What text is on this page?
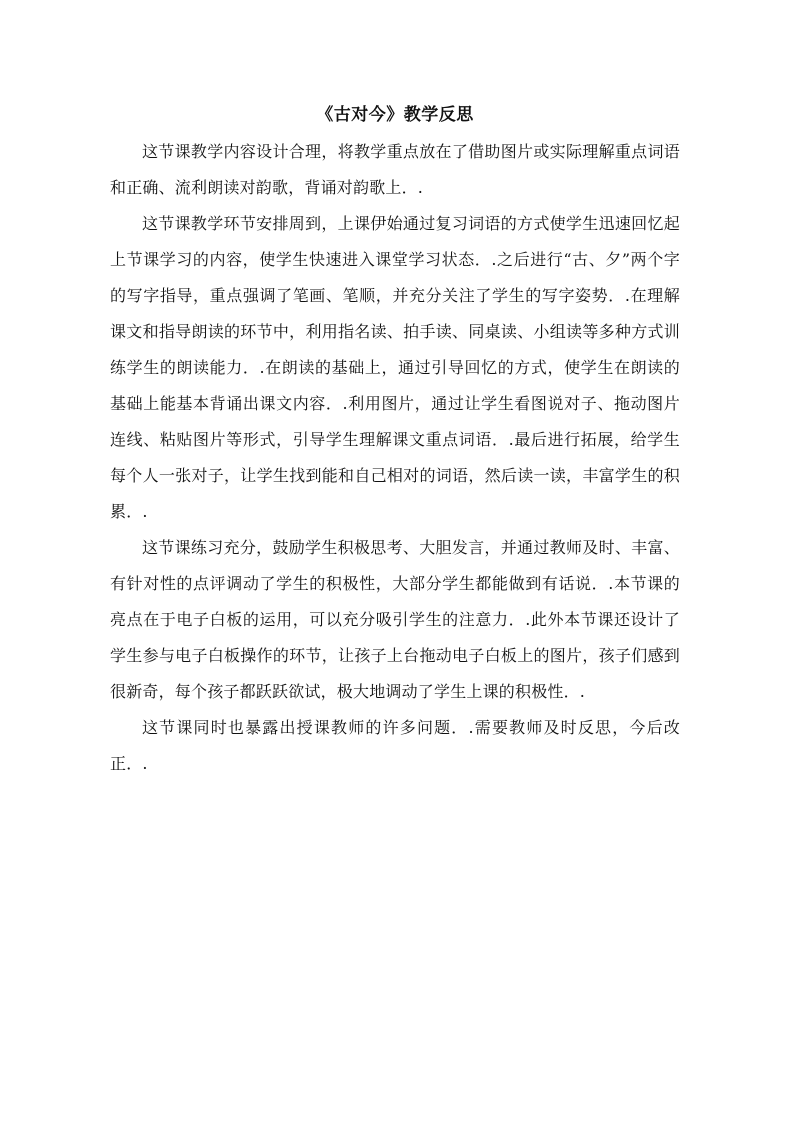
《古对今》教学反思

这节课教学内容设计合理，将教学重点放在了借助图片或实际理解重点词语和正确、流利朗读对韵歌，背诵对韵歌上．.

这节课教学环节安排周到，上课伊始通过复习词语的方式使学生迅速回忆起上节课学习的内容，使学生快速进入课堂学习状态．.之后进行“古、夕”两个字的写字指导，重点强调了笔画、笔顺，并充分关注了学生的写字姿势．.在理解课文和指导朗读的环节中，利用指名读、拍手读、同桌读、小组读等多种方式训练学生的朗读能力．.在朗读的基础上，通过引导回忆的方式，使学生在朗读的基础上能基本背诵出课文内容．.利用图片，通过让学生看图说对子、拖动图片连线、粘贴图片等形式，引导学生理解课文重点词语．.最后进行拓展，给学生每个人一张对子，让学生找到能和自己相对的词语，然后读一读，丰富学生的积累．.

这节课练习充分，鼓励学生积极思考、大胆发言，并通过教师及时、丰富、有针对性的点评调动了学生的积极性，大部分学生都能做到有话说．.本节课的亮点在于电子白板的运用，可以充分吸引学生的注意力．.此外本节课还设计了学生参与电子白板操作的环节，让孩子上台拖动电子白板上的图片，孩子们感到很新奇，每个孩子都跃跃欲试，极大地调动了学生上课的积极性．.

这节课同时也暴露出授课教师的许多问题．.需要教师及时反思，今后改正．.
